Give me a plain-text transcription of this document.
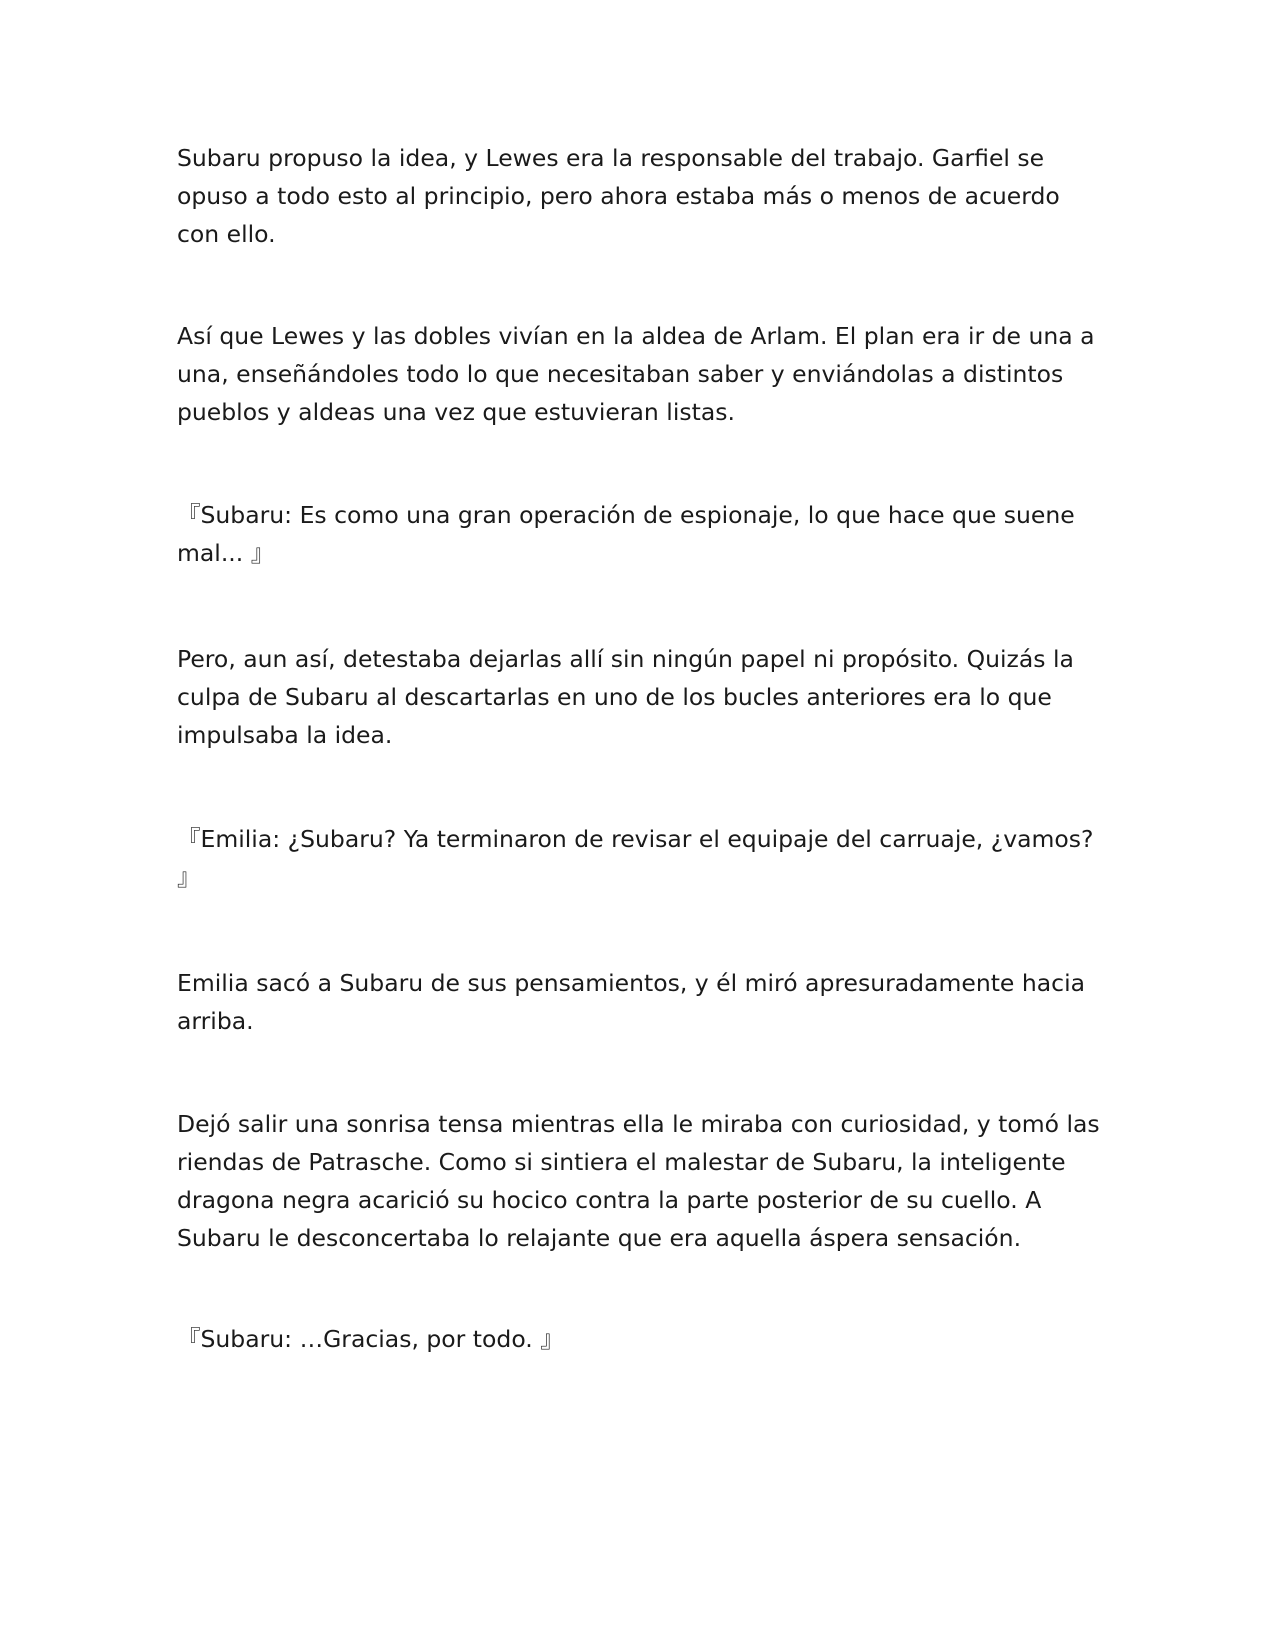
Subaru propuso la idea, y Lewes era la responsable del trabajo. Garfiel se opuso a todo esto al principio, pero ahora estaba más o menos de acuerdo con ello.

Así que Lewes y las dobles vivían en la aldea de Arlam. El plan era ir de una a una, enseñándoles todo lo que necesitaban saber y enviándolas a distintos pueblos y aldeas una vez que estuvieran listas.

『Subaru: Es como una gran operación de espionaje, lo que hace que suene mal... 』

Pero, aun así, detestaba dejarlas allí sin ningún papel ni propósito. Quizás la culpa de Subaru al descartarlas en uno de los bucles anteriores era lo que impulsaba la idea.

『Emilia: ¿Subaru? Ya terminaron de revisar el equipaje del carruaje, ¿vamos? 』

Emilia sacó a Subaru de sus pensamientos, y él miró apresuradamente hacia arriba.

Dejó salir una sonrisa tensa mientras ella le miraba con curiosidad, y tomó las riendas de Patrasche. Como si sintiera el malestar de Subaru, la inteligente dragona negra acarició su hocico contra la parte posterior de su cuello. A Subaru le desconcertaba lo relajante que era aquella áspera sensación.

『Subaru: …Gracias, por todo. 』
